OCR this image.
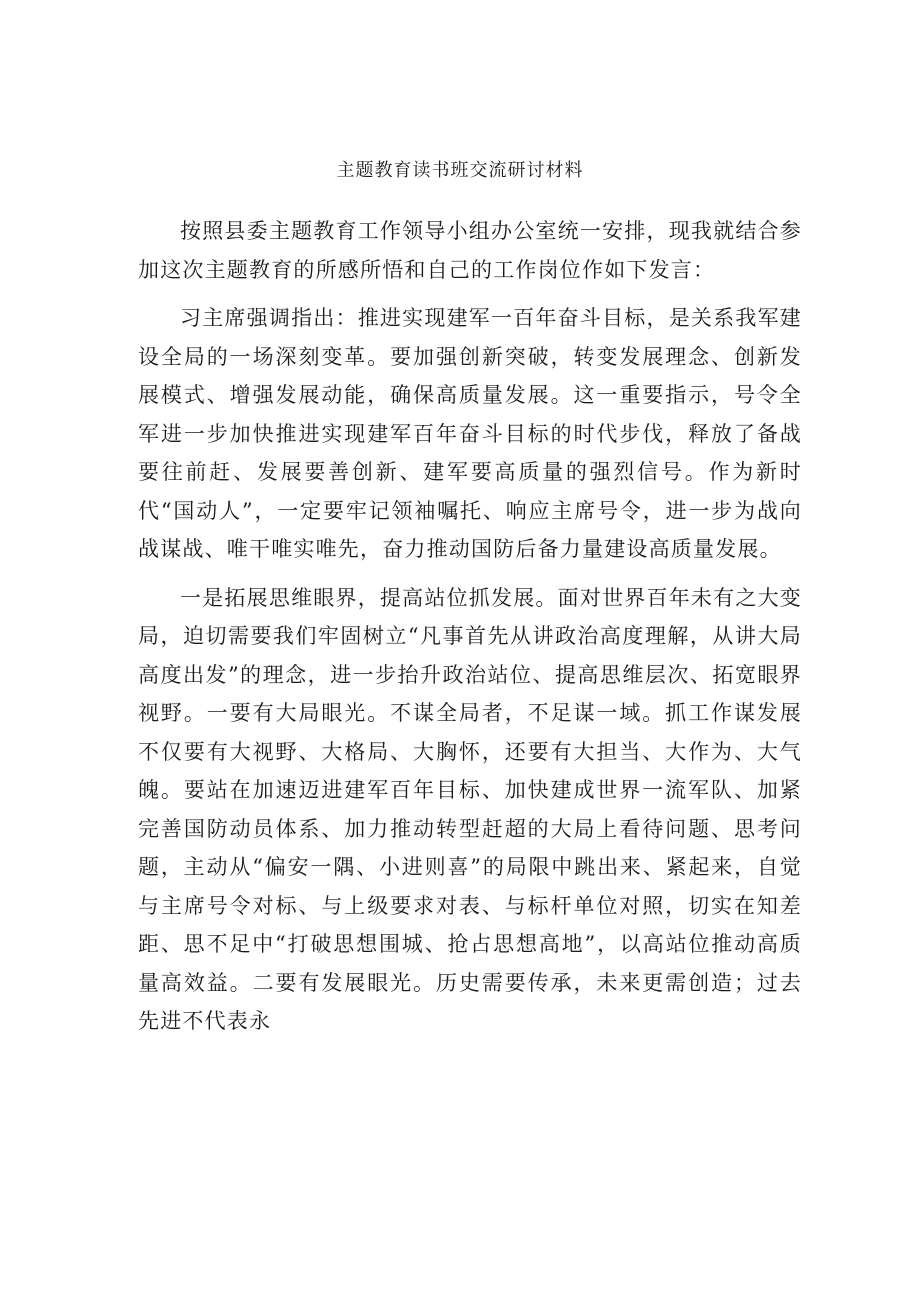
主题教育读书班交流研讨材料

按照县委主题教育工作领导小组办公室统一安排，现我就结合参加这次主题教育的所感所悟和自己的工作岗位作如下发言：

习主席强调指出：推进实现建军一百年奋斗目标，是关系我军建设全局的一场深刻变革。要加强创新突破，转变发展理念、创新发展模式、增强发展动能，确保高质量发展。这一重要指示，号令全军进一步加快推进实现建军百年奋斗目标的时代步伐，释放了备战要往前赶、发展要善创新、建军要高质量的强烈信号。作为新时代“国动人”，一定要牢记领袖嘱托、响应主席号令，进一步为战向战谋战、唯干唯实唯先，奋力推动国防后备力量建设高质量发展。

一是拓展思维眼界，提高站位抓发展。面对世界百年未有之大变局，迫切需要我们牢固树立“凡事首先从讲政治高度理解，从讲大局高度出发”的理念，进一步抬升政治站位、提高思维层次、拓宽眼界视野。一要有大局眼光。不谋全局者，不足谋一域。抓工作谋发展不仅要有大视野、大格局、大胸怀，还要有大担当、大作为、大气魄。要站在加速迈进建军百年目标、加快建成世界一流军队、加紧完善国防动员体系、加力推动转型赶超的大局上看待问题、思考问题，主动从“偏安一隅、小进则喜”的局限中跳出来、紧起来，自觉与主席号令对标、与上级要求对表、与标杆单位对照，切实在知差距、思不足中“打破思想围城、抢占思想高地”，以高站位推动高质量高效益。二要有发展眼光。历史需要传承，未来更需创造；过去先进不代表永
